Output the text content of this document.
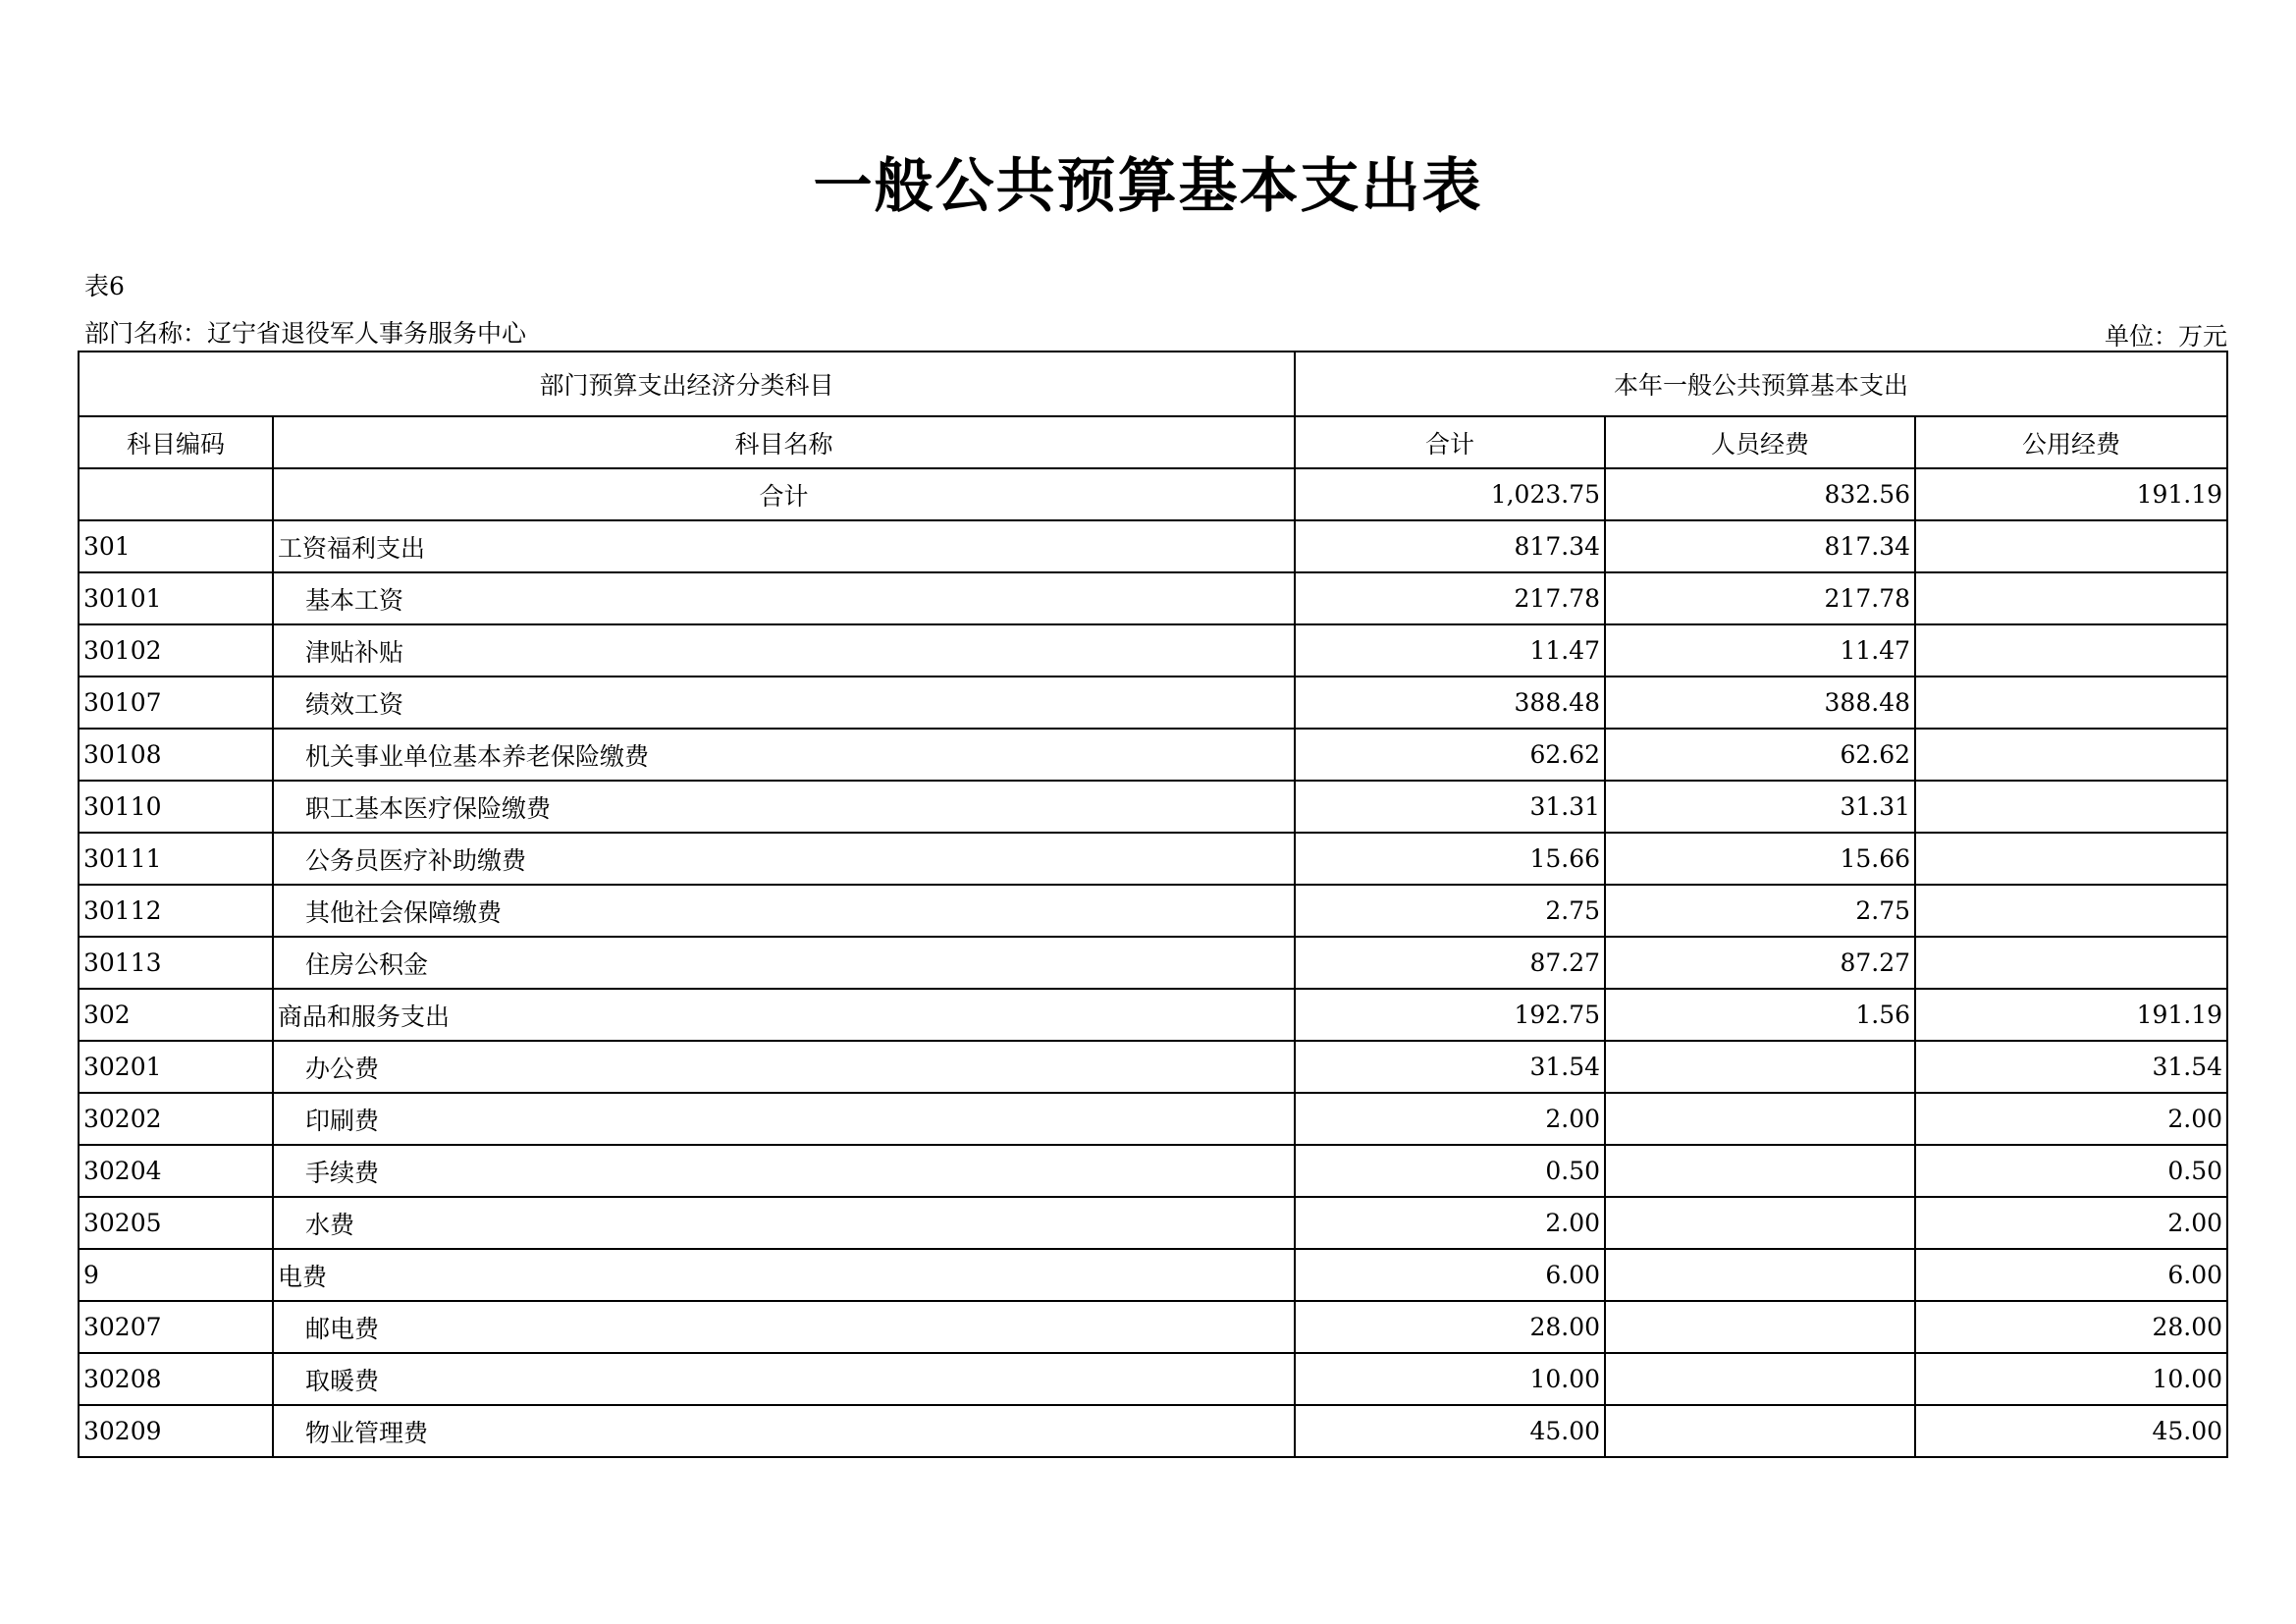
一般公共预算基本支出表
表6
部门名称：辽宁省退役军人事务服务中心	单位：万元
部门预算支出经济分类科目		本年一般公共预算基本支出		
科目编码	科目名称	合计	人员经费	公用经费
	合计	1,023.75	832.56	191.19
301	工资福利支出	817.34	817.34	
30101	基本工资	217.78	217.78	
30102	津贴补贴	11.47	11.47	
30107	绩效工资	388.48	388.48	
30108	机关事业单位基本养老保险缴费	62.62	62.62	
30110	职工基本医疗保险缴费	31.31	31.31	
30111	公务员医疗补助缴费	15.66	15.66	
30112	其他社会保障缴费	2.75	2.75	
30113	住房公积金	87.27	87.27	
302	商品和服务支出	192.75	1.56	191.19
30201	办公费	31.54		31.54
30202	印刷费	2.00		2.00
30204	手续费	0.50		0.50
30205	水费	2.00		2.00
9	电费	6.00		6.00
30207	邮电费	28.00		28.00
30208	取暖费	10.00		10.00
30209	物业管理费	45.00		45.00
